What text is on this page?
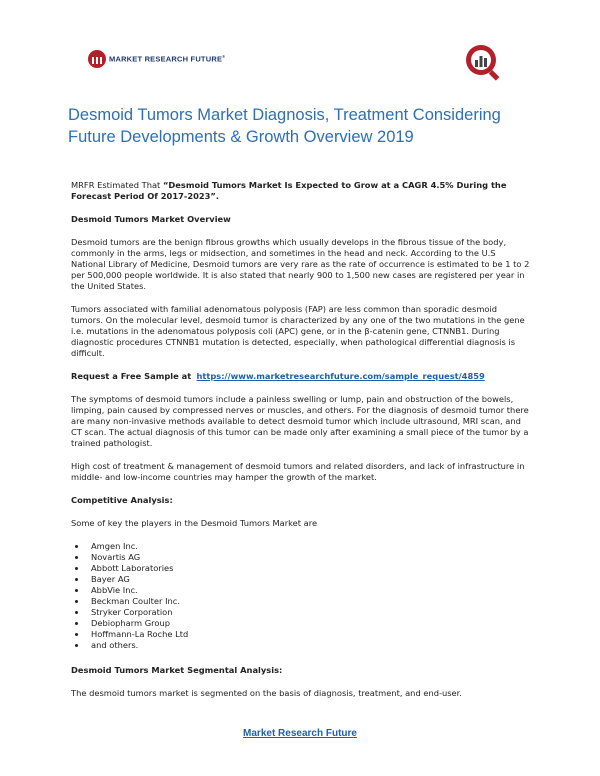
MARKET RESEARCH FUTURE®
Desmoid Tumors Market Diagnosis, Treatment Considering Future Developments & Growth Overview 2019

MRFR Estimated That “Desmoid Tumors Market Is Expected to Grow at a CAGR 4.5% During the Forecast Period Of 2017-2023”.

Desmoid Tumors Market Overview

Desmoid tumors are the benign fibrous growths which usually develops in the fibrous tissue of the body, commonly in the arms, legs or midsection, and sometimes in the head and neck. According to the U.S National Library of Medicine, Desmoid tumors are very rare as the rate of occurrence is estimated to be 1 to 2 per 500,000 people worldwide. It is also stated that nearly 900 to 1,500 new cases are registered per year in the United States.

Tumors associated with familial adenomatous polyposis (FAP) are less common than sporadic desmoid tumors. On the molecular level, desmoid tumor is characterized by any one of the two mutations in the gene i.e. mutations in the adenomatous polyposis coli (APC) gene, or in the β-catenin gene, CTNNB1. During diagnostic procedures CTNNB1 mutation is detected, especially, when pathological differential diagnosis is difficult.

Request a Free Sample at https://www.marketresearchfuture.com/sample_request/4859

The symptoms of desmoid tumors include a painless swelling or lump, pain and obstruction of the bowels, limping, pain caused by compressed nerves or muscles, and others. For the diagnosis of desmoid tumor there are many non-invasive methods available to detect desmoid tumor which include ultrasound, MRI scan, and CT scan. The actual diagnosis of this tumor can be made only after examining a small piece of the tumor by a trained pathologist.

High cost of treatment & management of desmoid tumors and related disorders, and lack of infrastructure in middle- and low-income countries may hamper the growth of the market.

Competitive Analysis:

Some of key the players in the Desmoid Tumors Market are

Amgen Inc.
Novartis AG
Abbott Laboratories
Bayer AG
AbbVie Inc.
Beckman Coulter Inc.
Stryker Corporation
Debiopharm Group
Hoffmann-La Roche Ltd
and others.

Desmoid Tumors Market Segmental Analysis:

The desmoid tumors market is segmented on the basis of diagnosis, treatment, and end-user.

Market Research Future
